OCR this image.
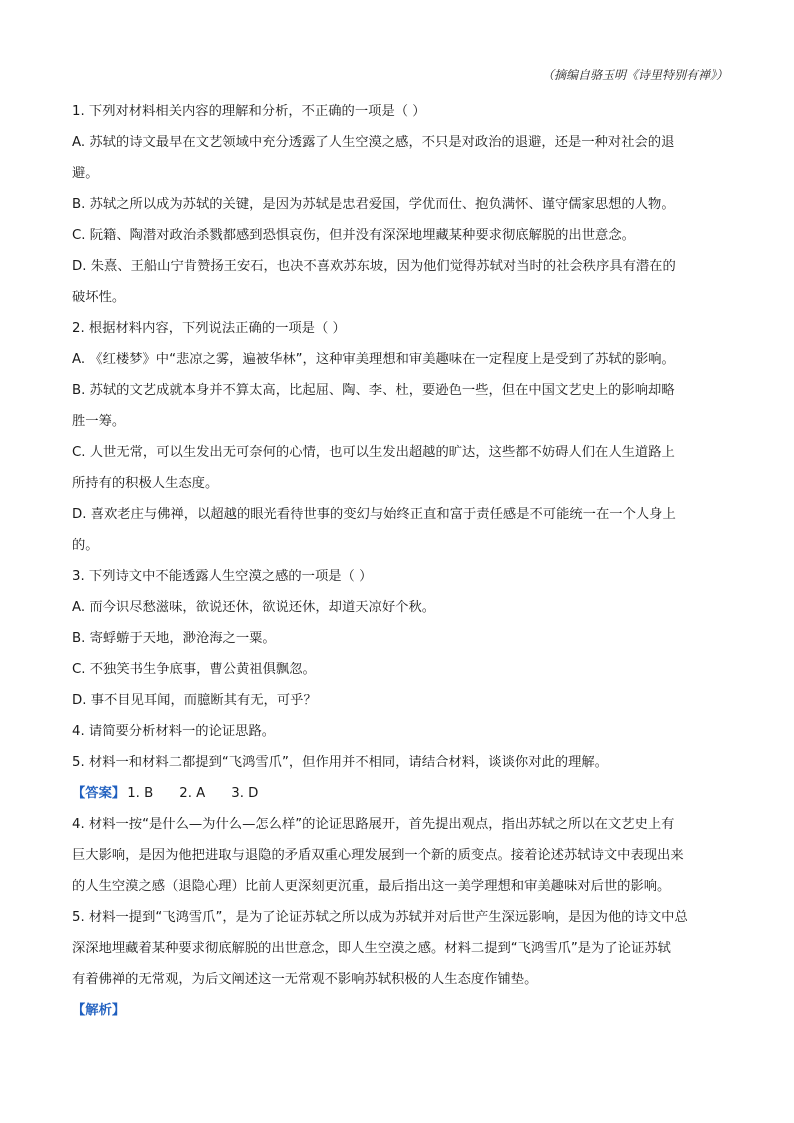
（摘编自骆玉明《诗里特别有禅》）
1. 下列对材料相关内容的理解和分析，不正确的一项是（ ）
A. 苏轼的诗文最早在文艺领域中充分透露了人生空漠之感，不只是对政治的退避，还是一种对社会的退
避。
B. 苏轼之所以成为苏轼的关键，是因为苏轼是忠君爱国，学优而仕、抱负满怀、谨守儒家思想的人物。
C. 阮籍、陶潜对政治杀戮都感到恐惧哀伤，但并没有深深地埋藏某种要求彻底解脱的出世意念。
D. 朱熹、王船山宁肯赞扬王安石，也决不喜欢苏东坡，因为他们觉得苏轼对当时的社会秩序具有潜在的
破坏性。
2. 根据材料内容，下列说法正确的一项是（ ）
A. 《红楼梦》中“悲凉之雾，遍被华林”，这种审美理想和审美趣味在一定程度上是受到了苏轼的影响。
B. 苏轼的文艺成就本身并不算太高，比起屈、陶、李、杜，要逊色一些，但在中国文艺史上的影响却略
胜一筹。
C. 人世无常，可以生发出无可奈何的心情，也可以生发出超越的旷达，这些都不妨碍人们在人生道路上
所持有的积极人生态度。
D. 喜欢老庄与佛禅，以超越的眼光看待世事的变幻与始终正直和富于责任感是不可能统一在一个人身上
的。
3. 下列诗文中不能透露人生空漠之感的一项是（ ）
A. 而今识尽愁滋味，欲说还休，欲说还休，却道天凉好个秋。
B. 寄蜉蝣于天地，渺沧海之一粟。
C. 不独笑书生争底事，曹公黄祖俱飘忽。
D. 事不目见耳闻，而臆断其有无，可乎？
4. 请简要分析材料一的论证思路。
5. 材料一和材料二都提到“飞鸿雪爪”，但作用并不相同，请结合材料，谈谈你对此的理解。
【答案】 1. B 2. A 3. D
4. 材料一按“是什么—为什么—怎么样”的论证思路展开，首先提出观点，指出苏轼之所以在文艺史上有
巨大影响，是因为他把进取与退隐的矛盾双重心理发展到一个新的质变点。接着论述苏轼诗文中表现出来
的人生空漠之感（退隐心理）比前人更深刻更沉重，最后指出这一美学理想和审美趣味对后世的影响。
5. 材料一提到“飞鸿雪爪”，是为了论证苏轼之所以成为苏轼并对后世产生深远影响，是因为他的诗文中总
深深地埋藏着某种要求彻底解脱的出世意念，即人生空漠之感。材料二提到“飞鸿雪爪”是为了论证苏轼
有着佛禅的无常观，为后文阐述这一无常观不影响苏轼积极的人生态度作铺垫。
【解析】
